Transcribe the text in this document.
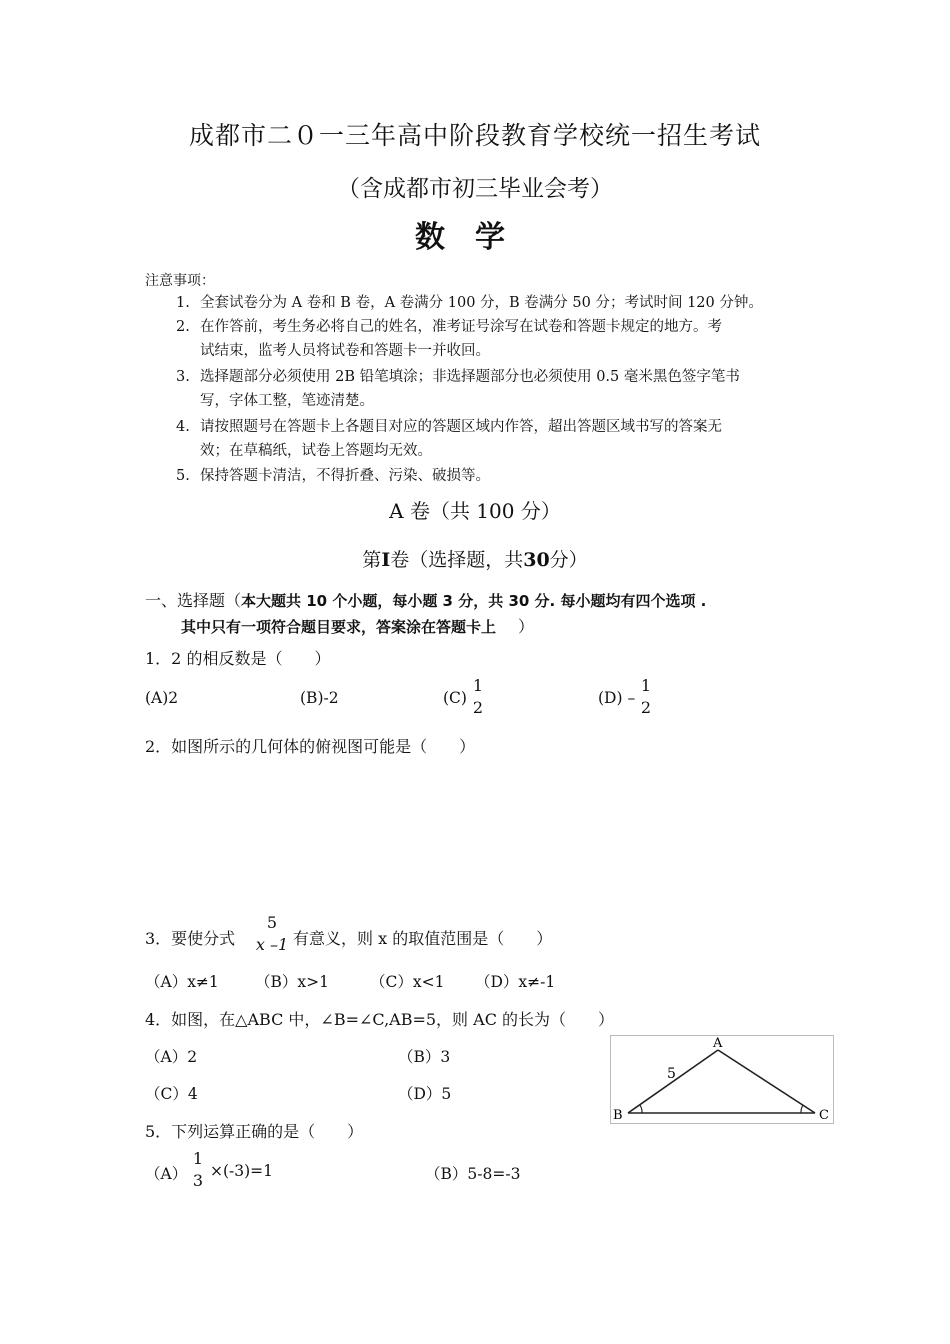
成都市二０一三年高中阶段教育学校统一招生考试
（含成都市初三毕业会考）
数学
注意事项：
1. 全套试卷分为 A 卷和 B 卷，A 卷满分 100 分，B 卷满分 50 分；考试时间 120 分钟。
2. 在作答前，考生务必将自己的姓名，准考证号涂写在试卷和答题卡规定的地方。考
试结束，监考人员将试卷和答题卡一并收回。
3. 选择题部分必须使用 2B 铅笔填涂；非选择题部分也必须使用 0.5 毫米黑色签字笔书
写，字体工整，笔迹清楚。
4. 请按照题号在答题卡上各题目对应的答题区域内作答，超出答题区域书写的答案无
效；在草稿纸，试卷上答题均无效。
5. 保持答题卡清洁，不得折叠、污染、破损等。
A 卷（共 100 分）
第Ⅰ卷（选择题，共30分）
一、选择题（本大题共 10 个小题，每小题 3 分，共 30 分. 每小题均有四个选项 .
其中只有一项符合题目要求，答案涂在答题卡上 ）
1．2 的相反数是（　　）
(A)2	(B)-2	(C)
1
2	(D) –
1
2
2．如图所示的几何体的俯视图可能是（　　）
3．要使分式
5
x –1 有意义，则 x 的取值范围是（　　）
（A）x≠1 （B）x>1	（C）x<1 （D）x≠-1
4．如图，在△ABC 中，∠B=∠C,AB=5，则 AC 的长为（　　）
（A）2	（B）3
（C）4	（D）5
A
B	C
5
5．下列运算正确的是（　　）
（A）
1
3 ×(-3)=1	（B）5-8=-3
